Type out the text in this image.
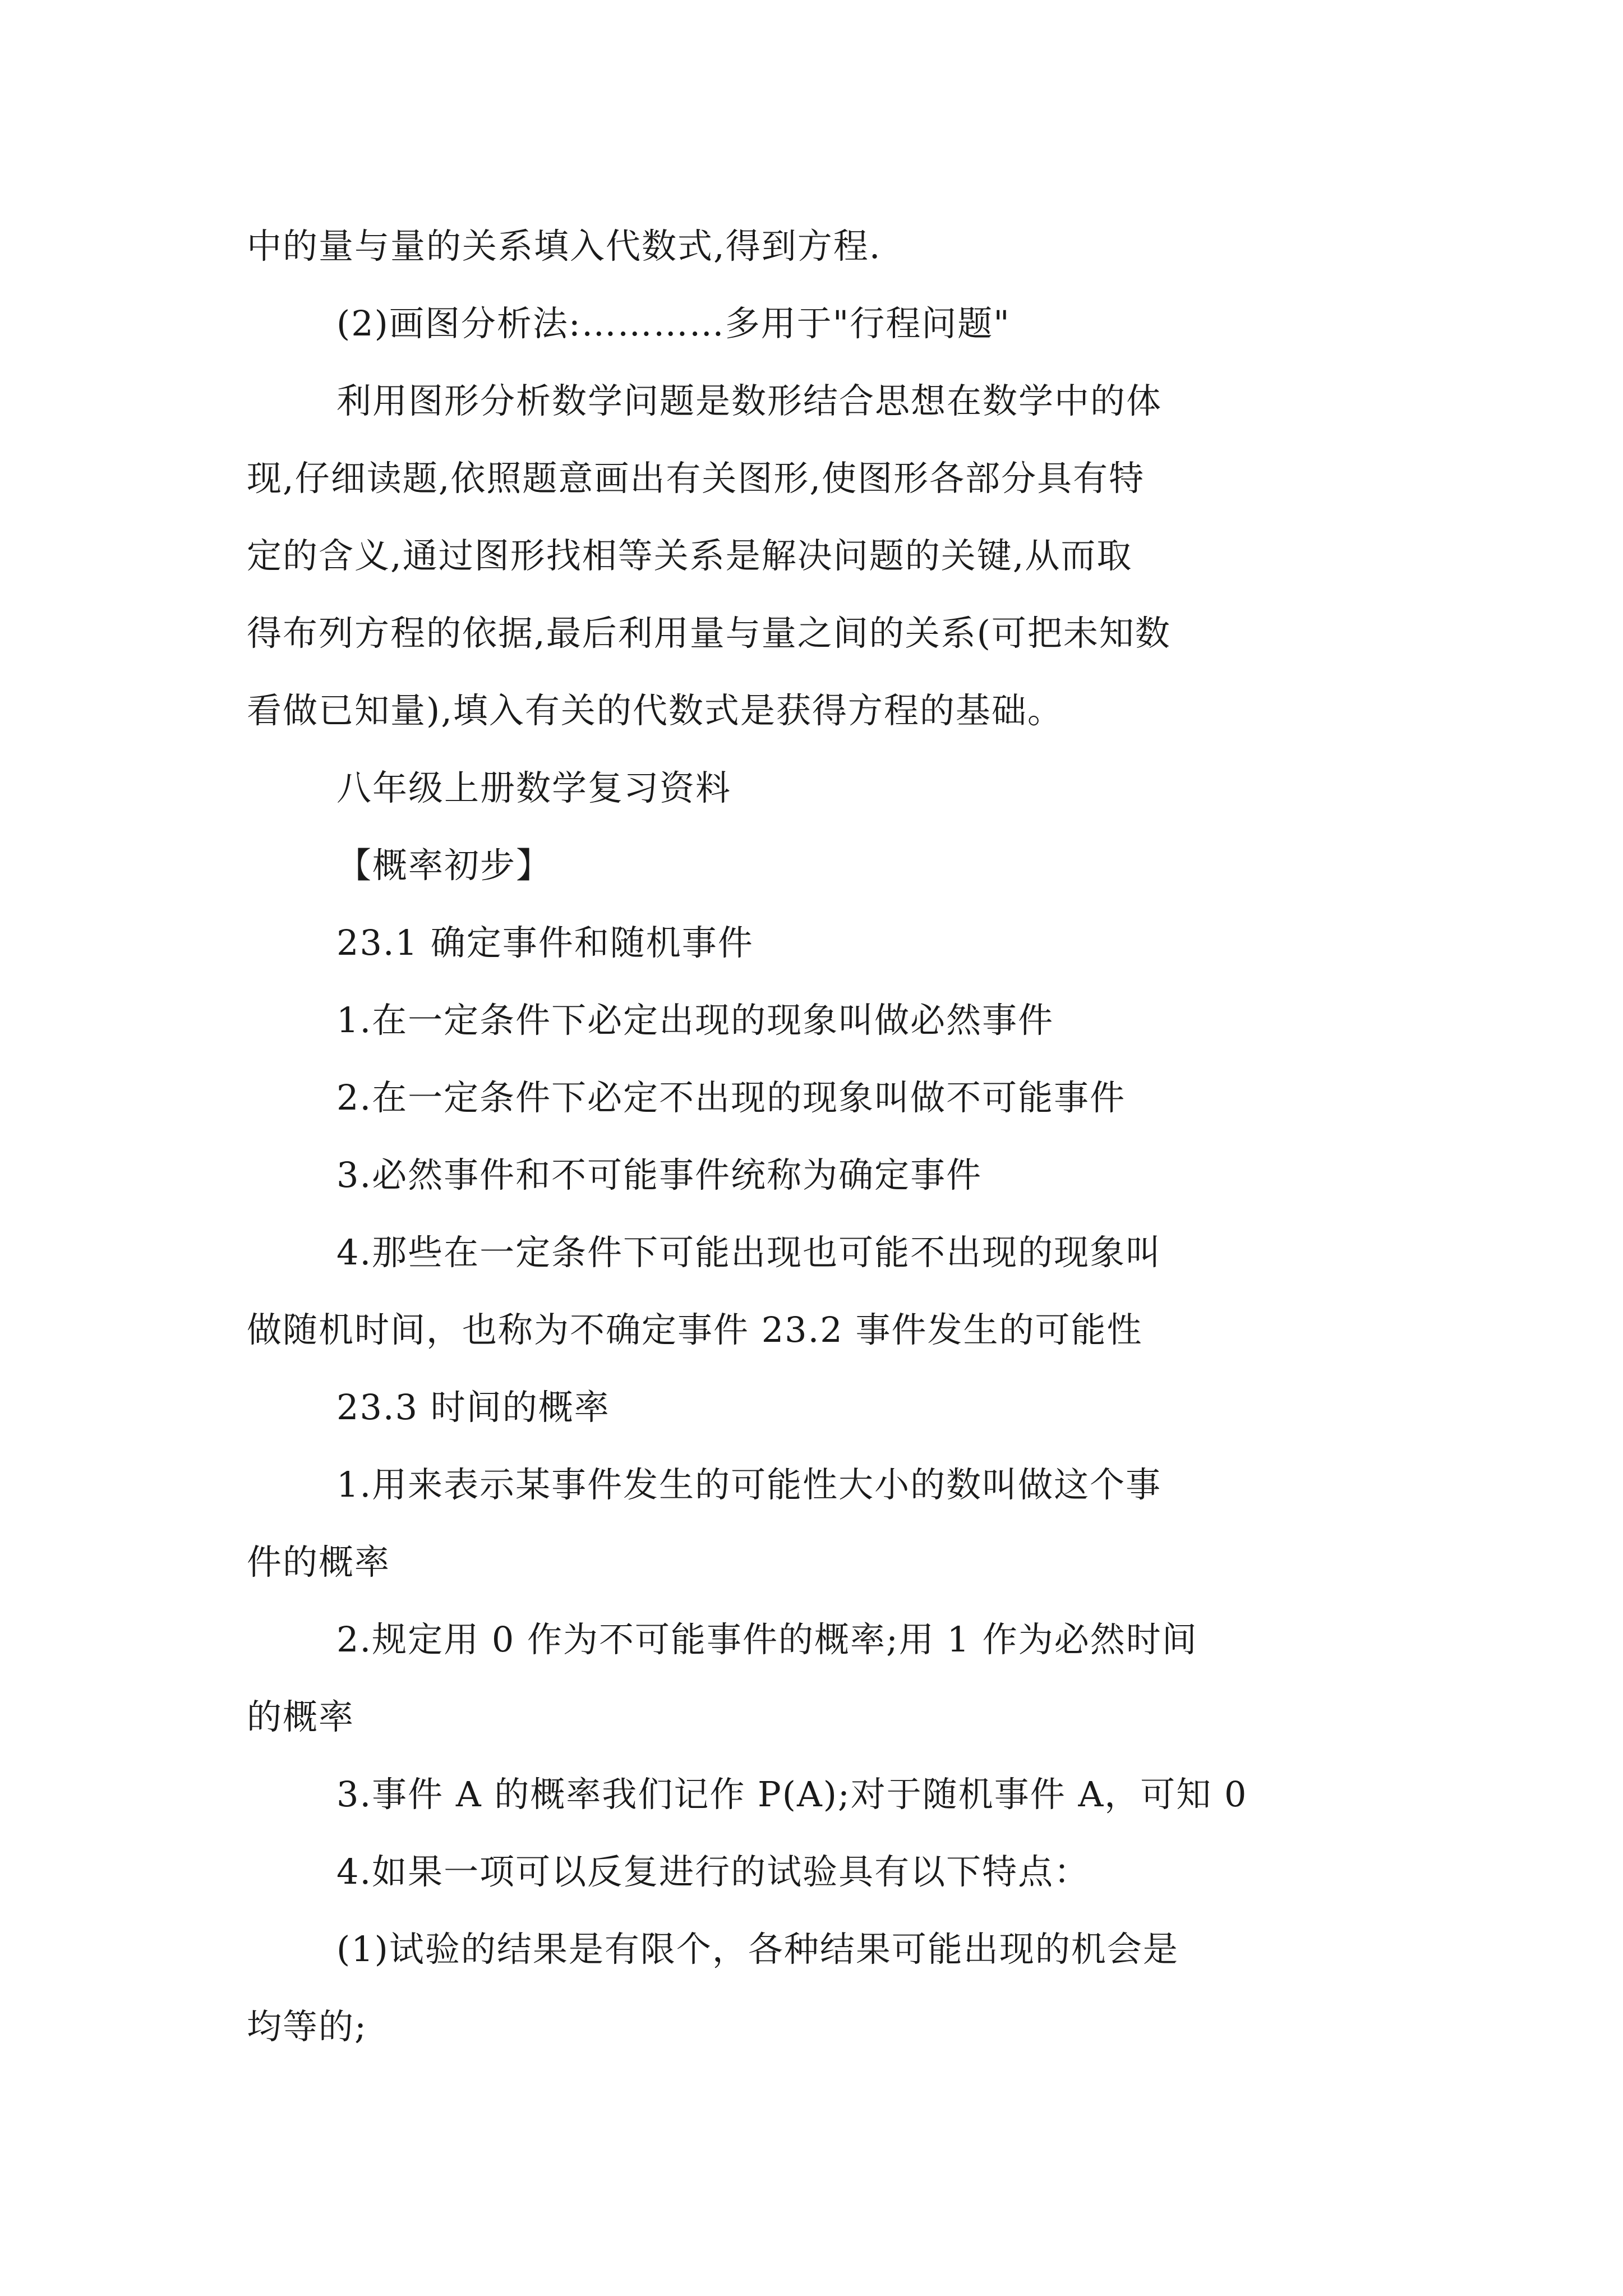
中的量与量的关系填入代数式,得到方程.
(2)画图分析法:…………多用于"行程问题"
利用图形分析数学问题是数形结合思想在数学中的体
现,仔细读题,依照题意画出有关图形,使图形各部分具有特
定的含义,通过图形找相等关系是解决问题的关键,从而取
得布列方程的依据,最后利用量与量之间的关系(可把未知数
看做已知量),填入有关的代数式是获得方程的基础。
八年级上册数学复习资料
【概率初步】
23.1 确定事件和随机事件
1.在一定条件下必定出现的现象叫做必然事件
2.在一定条件下必定不出现的现象叫做不可能事件
3.必然事件和不可能事件统称为确定事件
4.那些在一定条件下可能出现也可能不出现的现象叫
做随机时间，也称为不确定事件 23.2 事件发生的可能性
23.3 时间的概率
1.用来表示某事件发生的可能性大小的数叫做这个事
件的概率
2.规定用 0 作为不可能事件的概率;用 1 作为必然时间
的概率
3.事件 A 的概率我们记作 P(A);对于随机事件 A，可知 0
4.如果一项可以反复进行的试验具有以下特点：
(1)试验的结果是有限个，各种结果可能出现的机会是
均等的;
